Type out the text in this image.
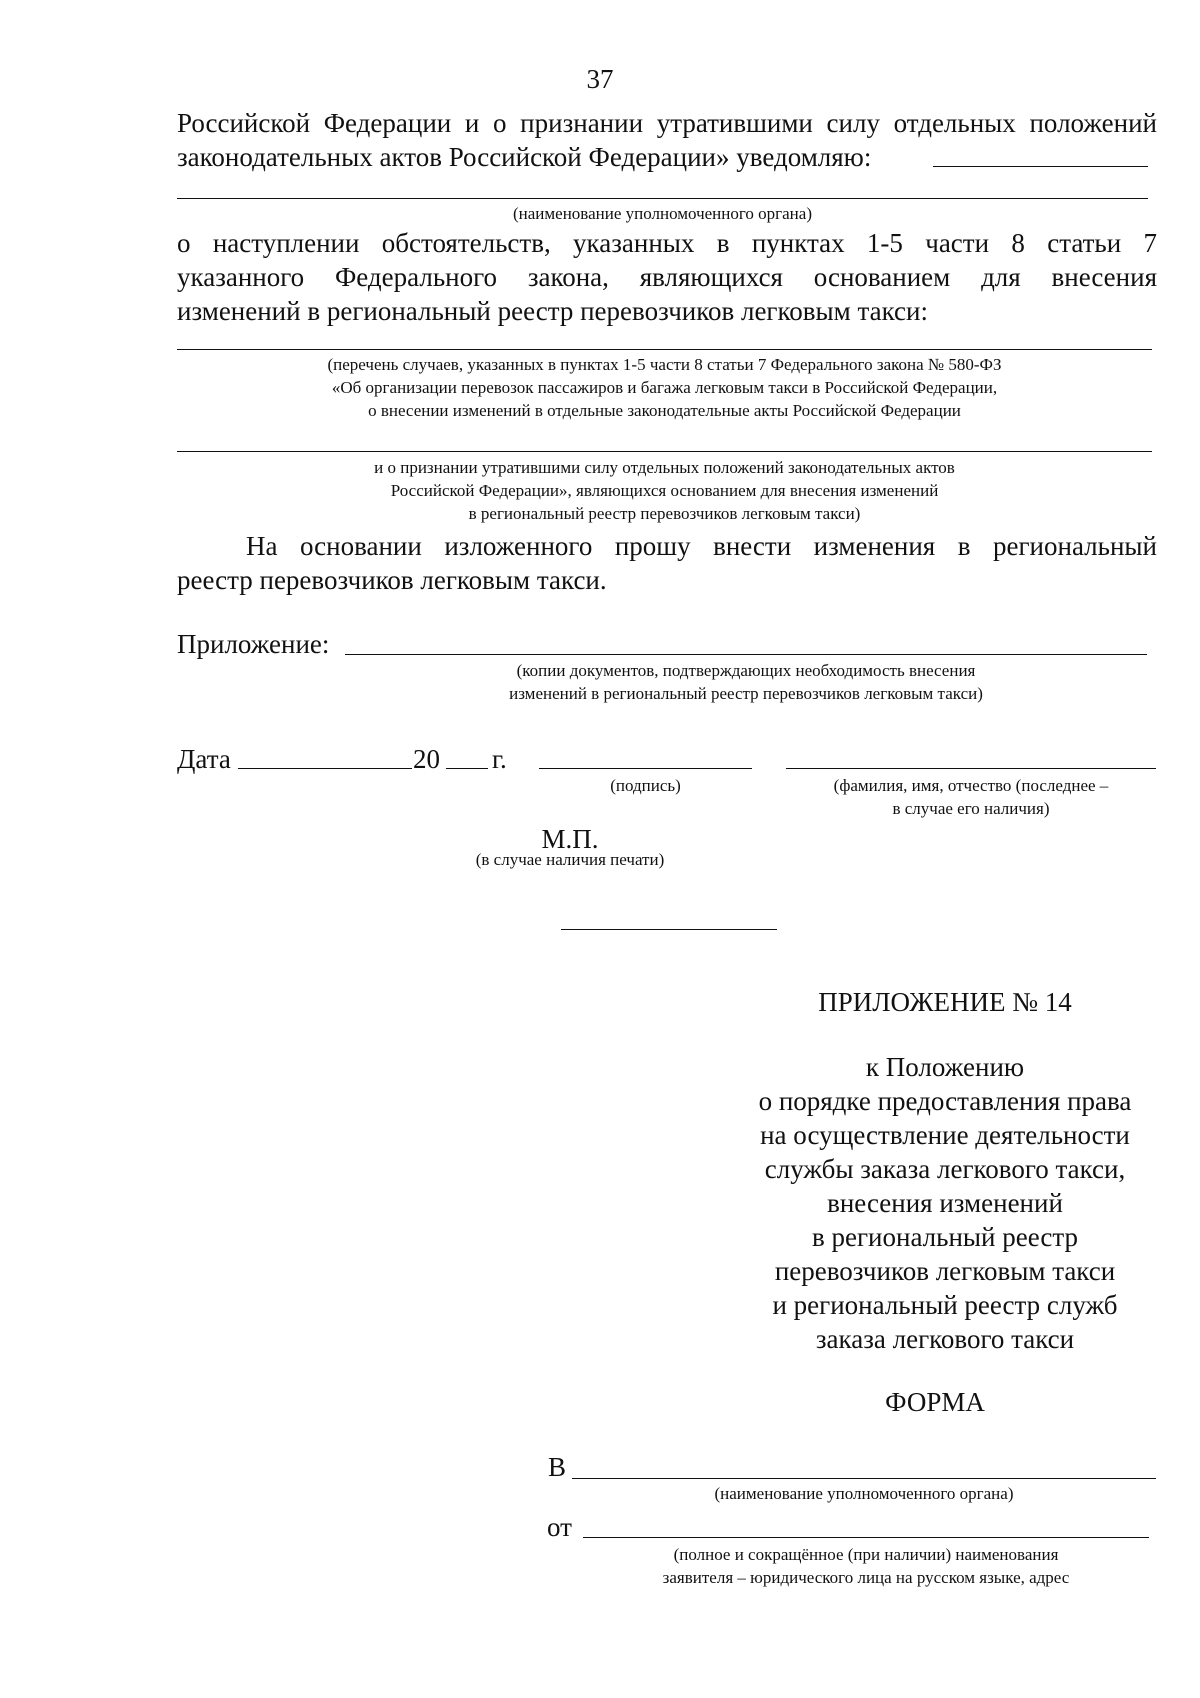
37
Российской Федерации и о признании утратившими силу отдельных положений
законодательных актов Российской Федерации» уведомляю:
(наименование уполномоченного органа)
о наступлении обстоятельств, указанных в пунктах 1-5 части 8 статьи 7
указанного Федерального закона, являющихся основанием для внесения
изменений в региональный реестр перевозчиков легковым такси:
(перечень случаев, указанных в пунктах 1-5 части 8 статьи 7 Федерального закона № 580-ФЗ
«Об организации перевозок пассажиров и багажа легковым такси в Российской Федерации,
о внесении изменений в отдельные законодательные акты Российской Федерации
и о признании утратившими силу отдельных положений законодательных актов
Российской Федерации», являющихся основанием для внесения изменений
в региональный реестр перевозчиков легковым такси)
На основании изложенного прошу внести изменения в региональный
реестр перевозчиков легковым такси.
Приложение:
(копии документов, подтверждающих необходимость внесения
изменений в региональный реестр перевозчиков легковым такси)
Дата	20 г.
(подпись)	(фамилия, имя, отчество (последнее –
в случае его наличия)
М.П.
(в случае наличия печати)
ПРИЛОЖЕНИЕ № 14
к Положению
о порядке предоставления права
на осуществление деятельности
службы заказа легкового такси,
внесения изменений
в региональный реестр
перевозчиков легковым такси
и региональный реестр служб
заказа легкового такси
ФОРМА
В
(наименование уполномоченного органа)
от
(полное и сокращённое (при наличии) наименования
заявителя – юридического лица на русском языке, адрес
